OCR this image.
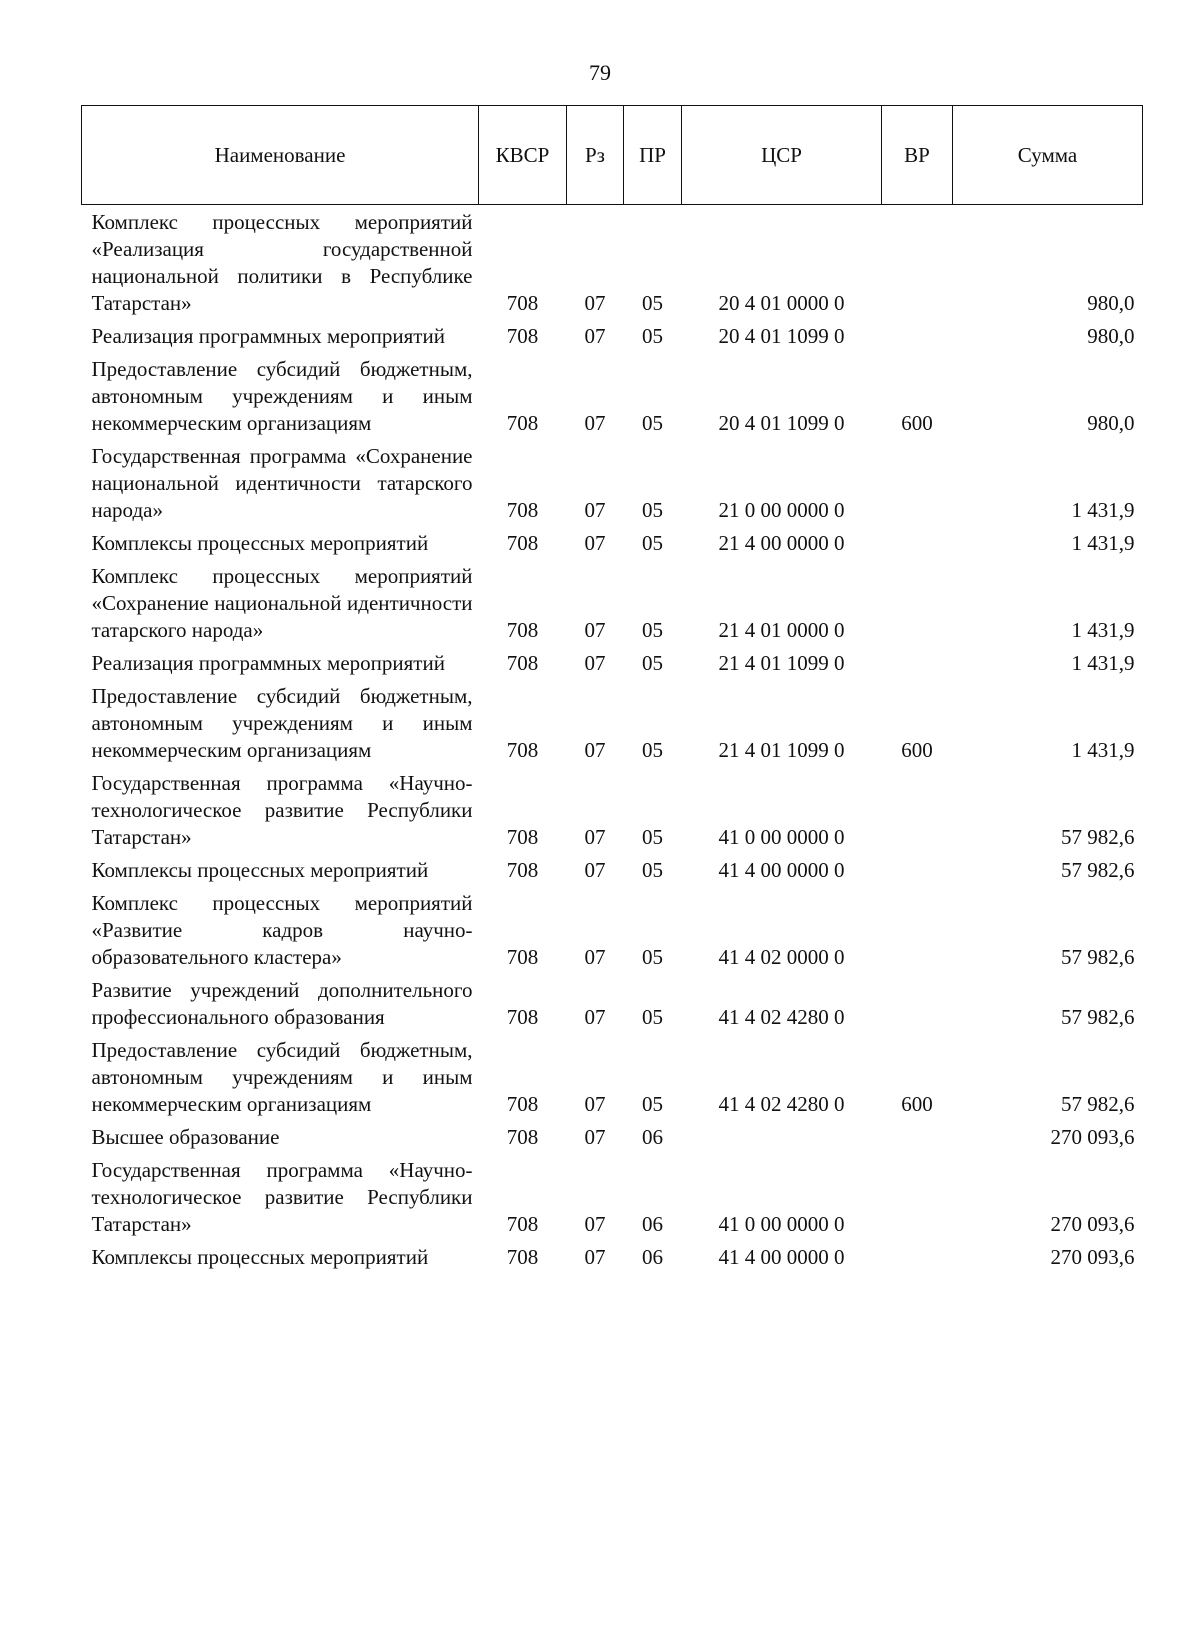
79
Наименование	КВСР	Рз	ПР	ЦСР	ВР	Сумма
Комплекс процессных мероприятий «Реализация государственной национальной политики в Республике Татарстан»	708	07	05	20 4 01 0000 0		980,0
Реализация программных мероприятий	708	07	05	20 4 01 1099 0		980,0
Предоставление субсидий бюджетным, автономным учреждениям и иным некоммерческим организациям	708	07	05	20 4 01 1099 0	600	980,0
Государственная программа «Сохранение национальной идентичности татарского народа»	708	07	05	21 0 00 0000 0		1 431,9
Комплексы процессных мероприятий	708	07	05	21 4 00 0000 0		1 431,9
Комплекс процессных мероприятий «Сохранение национальной идентичности татарского народа»	708	07	05	21 4 01 0000 0		1 431,9
Реализация программных мероприятий	708	07	05	21 4 01 1099 0		1 431,9
Предоставление субсидий бюджетным, автономным учреждениям и иным некоммерческим организациям	708	07	05	21 4 01 1099 0	600	1 431,9
Государственная программа «Научно-технологическое развитие Республики Татарстан»	708	07	05	41 0 00 0000 0		57 982,6
Комплексы процессных мероприятий	708	07	05	41 4 00 0000 0		57 982,6
Комплекс процессных мероприятий «Развитие кадров научно-образовательного кластера»	708	07	05	41 4 02 0000 0		57 982,6
Развитие учреждений дополнительного профессионального образования	708	07	05	41 4 02 4280 0		57 982,6
Предоставление субсидий бюджетным, автономным учреждениям и иным некоммерческим организациям	708	07	05	41 4 02 4280 0	600	57 982,6
Высшее образование	708	07	06			270 093,6
Государственная программа «Научно-технологическое развитие Республики Татарстан»	708	07	06	41 0 00 0000 0		270 093,6
Комплексы процессных мероприятий	708	07	06	41 4 00 0000 0		270 093,6
